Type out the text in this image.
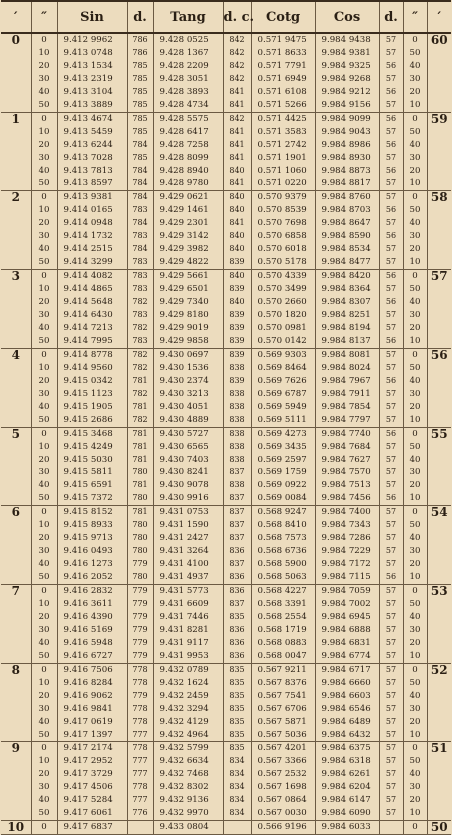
′	″	Sin	d.	Tang	d. c.	Cotg	Cos	d.	″	′
0	0	9.412 9962	786	9.428 0525	842	0.571 9475	9.984 9438	57	0	60
	10	9.413 0748	786	9.428 1367	842	0.571 8633	9.984 9381	57	50	
	20	9.413 1534	785	9.428 2209	842	0.571 7791	9.984 9325	56	40	
	30	9.413 2319	785	9.428 3051	842	0.571 6949	9.984 9268	57	30	
	40	9.413 3104	785	9.428 3893	841	0.571 6108	9.984 9212	56	20	
	50	9.413 3889	785	9.428 4734	841	0.571 5266	9.984 9156	57	10	
1	0	9.413 4674	785	9.428 5575	842	0.571 4425	9.984 9099	56	0	59
	10	9.413 5459	785	9.428 6417	841	0.571 3583	9.984 9043	57	50	
	20	9.413 6244	784	9.428 7258	841	0.571 2742	9.984 8986	56	40	
	30	9.413 7028	785	9.428 8099	841	0.571 1901	9.984 8930	57	30	
	40	9.413 7813	784	9.428 8940	840	0.571 1060	9.984 8873	56	20	
	50	9.413 8597	784	9.428 9780	841	0.571 0220	9.984 8817	57	10	
2	0	9.413 9381	784	9.429 0621	840	0.570 9379	9.984 8760	57	0	58
	10	9.414 0165	783	9.429 1461	840	0.570 8539	9.984 8703	56	50	
	20	9.414 0948	784	9.429 2301	841	0.570 7698	9.984 8647	57	40	
	30	9.414 1732	783	9.429 3142	840	0.570 6858	9.984 8590	56	30	
	40	9.414 2515	784	9.429 3982	840	0.570 6018	9.984 8534	57	20	
	50	9.414 3299	783	9.429 4822	839	0.570 5178	9.984 8477	57	10	
3	0	9.414 4082	783	9.429 5661	840	0.570 4339	9.984 8420	56	0	57
	10	9.414 4865	783	9.429 6501	839	0.570 3499	9.984 8364	57	50	
	20	9.414 5648	782	9.429 7340	840	0.570 2660	9.984 8307	56	40	
	30	9.414 6430	783	9.429 8180	839	0.570 1820	9.984 8251	57	30	
	40	9.414 7213	782	9.429 9019	839	0.570 0981	9.984 8194	57	20	
	50	9.414 7995	783	9.429 9858	839	0.570 0142	9.984 8137	56	10	
4	0	9.414 8778	782	9.430 0697	839	0.569 9303	9.984 8081	57	0	56
	10	9.414 9560	782	9.430 1536	838	0.569 8464	9.984 8024	57	50	
	20	9.415 0342	781	9.430 2374	839	0.569 7626	9.984 7967	56	40	
	30	9.415 1123	782	9.430 3213	838	0.569 6787	9.984 7911	57	30	
	40	9.415 1905	781	9.430 4051	838	0.569 5949	9.984 7854	57	20	
	50	9.415 2686	782	9.430 4889	838	0.569 5111	9.984 7797	57	10	
5	0	9.415 3468	781	9.430 5727	838	0.569 4273	9.984 7740	56	0	55
	10	9.415 4249	781	9.430 6565	838	0.569 3435	9.984 7684	57	50	
	20	9.415 5030	781	9.430 7403	838	0.569 2597	9.984 7627	57	40	
	30	9.415 5811	780	9.430 8241	837	0.569 1759	9.984 7570	57	30	
	40	9.415 6591	781	9.430 9078	838	0.569 0922	9.984 7513	57	20	
	50	9.415 7372	780	9.430 9916	837	0.569 0084	9.984 7456	56	10	
6	0	9.415 8152	781	9.431 0753	837	0.568 9247	9.984 7400	57	0	54
	10	9.415 8933	780	9.431 1590	837	0.568 8410	9.984 7343	57	50	
	20	9.415 9713	780	9.431 2427	837	0.568 7573	9.984 7286	57	40	
	30	9.416 0493	780	9.431 3264	836	0.568 6736	9.984 7229	57	30	
	40	9.416 1273	779	9.431 4100	837	0.568 5900	9.984 7172	57	20	
	50	9.416 2052	780	9.431 4937	836	0.568 5063	9.984 7115	56	10	
7	0	9.416 2832	779	9.431 5773	836	0.568 4227	9.984 7059	57	0	53
	10	9.416 3611	779	9.431 6609	837	0.568 3391	9.984 7002	57	50	
	20	9.416 4390	779	9.431 7446	835	0.568 2554	9.984 6945	57	40	
	30	9.416 5169	779	9.431 8281	836	0.568 1719	9.984 6888	57	30	
	40	9.416 5948	779	9.431 9117	836	0.568 0883	9.984 6831	57	20	
	50	9.416 6727	779	9.431 9953	836	0.568 0047	9.984 6774	57	10	
8	0	9.416 7506	778	9.432 0789	835	0.567 9211	9.984 6717	57	0	52
	10	9.416 8284	778	9.432 1624	835	0.567 8376	9.984 6660	57	50	
	20	9.416 9062	779	9.432 2459	835	0.567 7541	9.984 6603	57	40	
	30	9.416 9841	778	9.432 3294	835	0.567 6706	9.984 6546	57	30	
	40	9.417 0619	778	9.432 4129	835	0.567 5871	9.984 6489	57	20	
	50	9.417 1397	777	9.432 4964	835	0.567 5036	9.984 6432	57	10	
9	0	9.417 2174	778	9.432 5799	835	0.567 4201	9.984 6375	57	0	51
	10	9.417 2952	777	9.432 6634	834	0.567 3366	9.984 6318	57	50	
	20	9.417 3729	777	9.432 7468	834	0.567 2532	9.984 6261	57	40	
	30	9.417 4506	778	9.432 8302	834	0.567 1698	9.984 6204	57	30	
	40	9.417 5284	777	9.432 9136	834	0.567 0864	9.984 6147	57	20	
	50	9.417 6061	776	9.432 9970	834	0.567 0030	9.984 6090	57	10	
10	0	9.417 6837		9.433 0804		0.566 9196	9.984 6033		0	50
